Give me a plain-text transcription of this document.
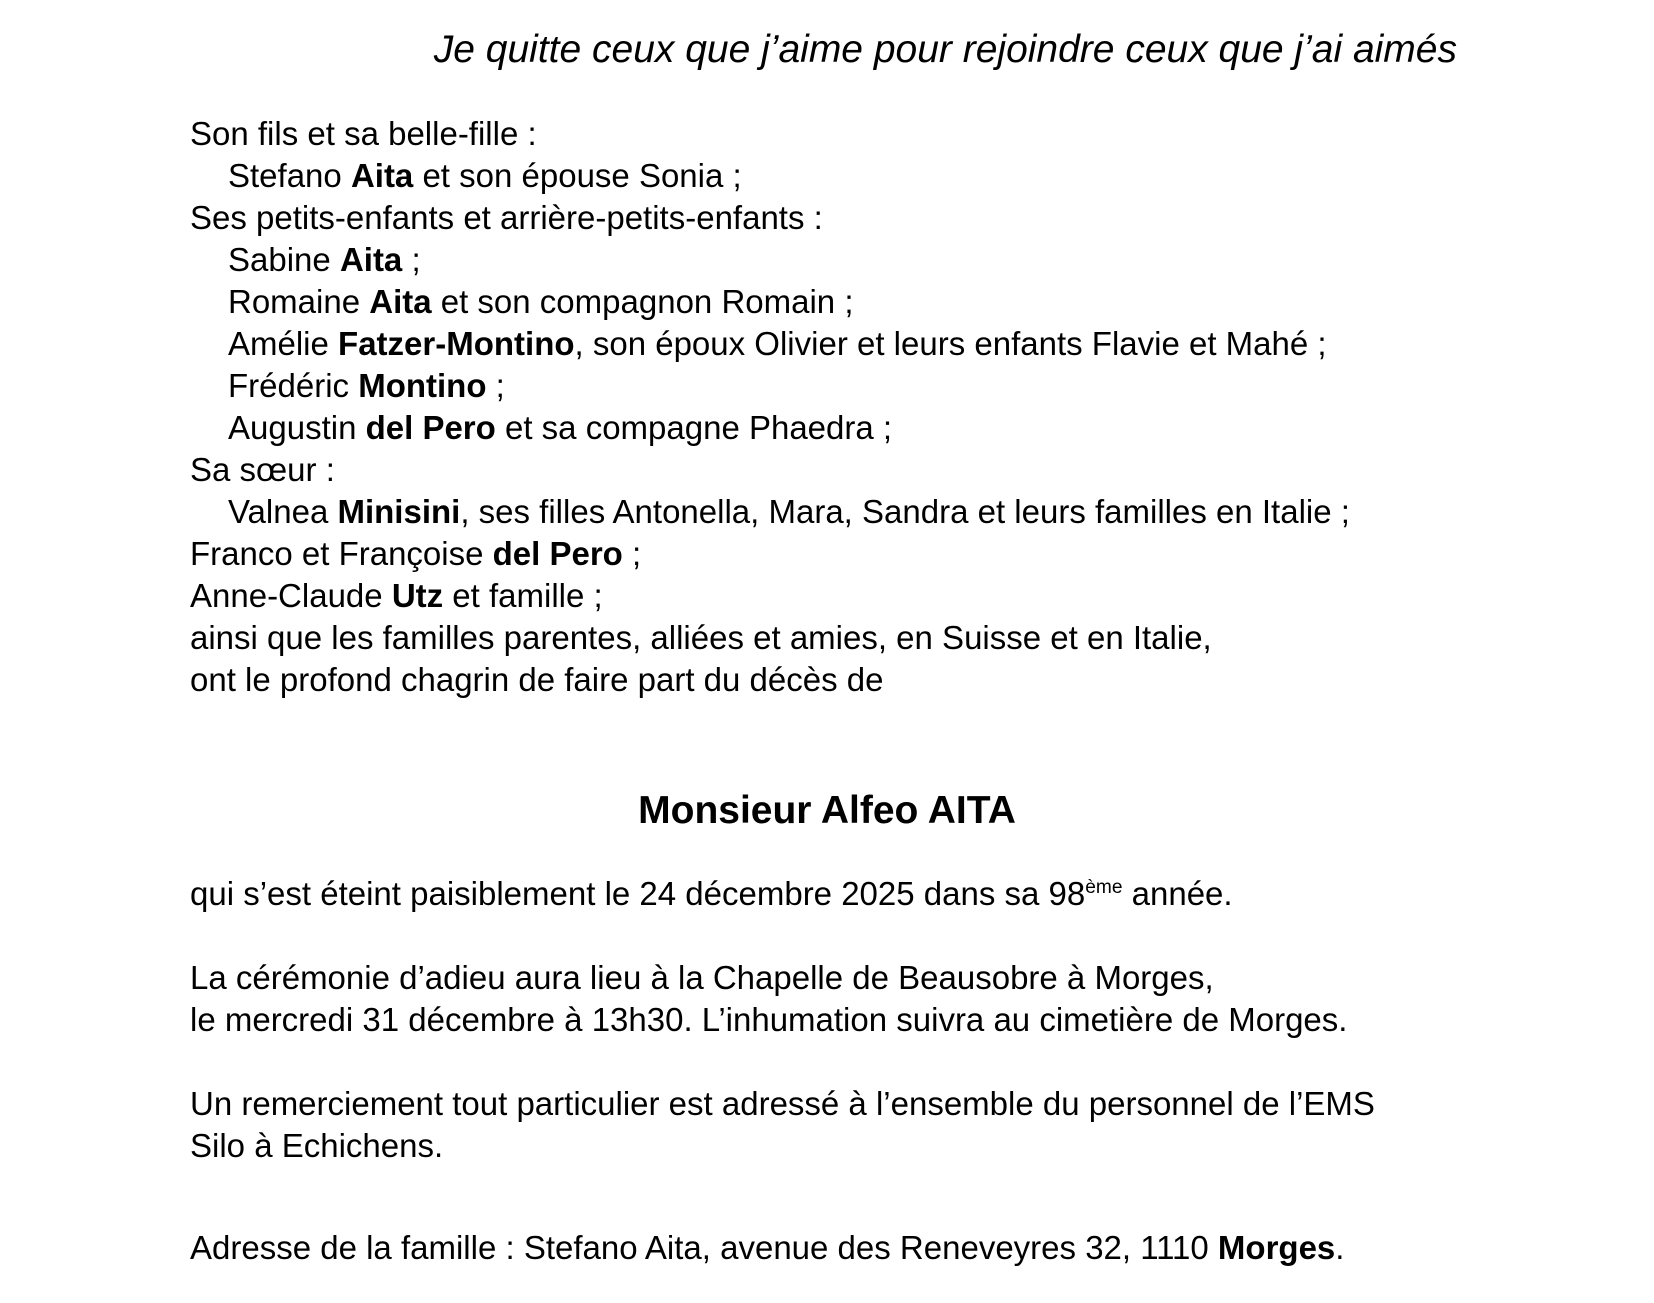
Je quitte ceux que j’aime pour rejoindre ceux que j’ai aimés
Son fils et sa belle-fille :
Stefano Aita et son épouse Sonia ;
Ses petits-enfants et arrière-petits-enfants :
Sabine Aita ;
Romaine Aita et son compagnon Romain ;
Amélie Fatzer-Montino, son époux Olivier et leurs enfants Flavie et Mahé ;
Frédéric Montino ;
Augustin del Pero et sa compagne Phaedra ;
Sa sœur :
Valnea Minisini, ses filles Antonella, Mara, Sandra et leurs familles en Italie ;
Franco et Françoise del Pero ;
Anne-Claude Utz et famille ;
ainsi que les familles parentes, alliées et amies, en Suisse et en Italie,
ont le profond chagrin de faire part du décès de
Monsieur Alfeo AITA
qui s’est éteint paisiblement le 24 décembre 2025 dans sa 98ème année.
La cérémonie d’adieu aura lieu à la Chapelle de Beausobre à Morges,
le mercredi 31 décembre à 13h30. L’inhumation suivra au cimetière de Morges.
Un remerciement tout particulier est adressé à l’ensemble du personnel de l’EMS
Silo à Echichens.
Adresse de la famille : Stefano Aita, avenue des Reneveyres 32, 1110 Morges.
